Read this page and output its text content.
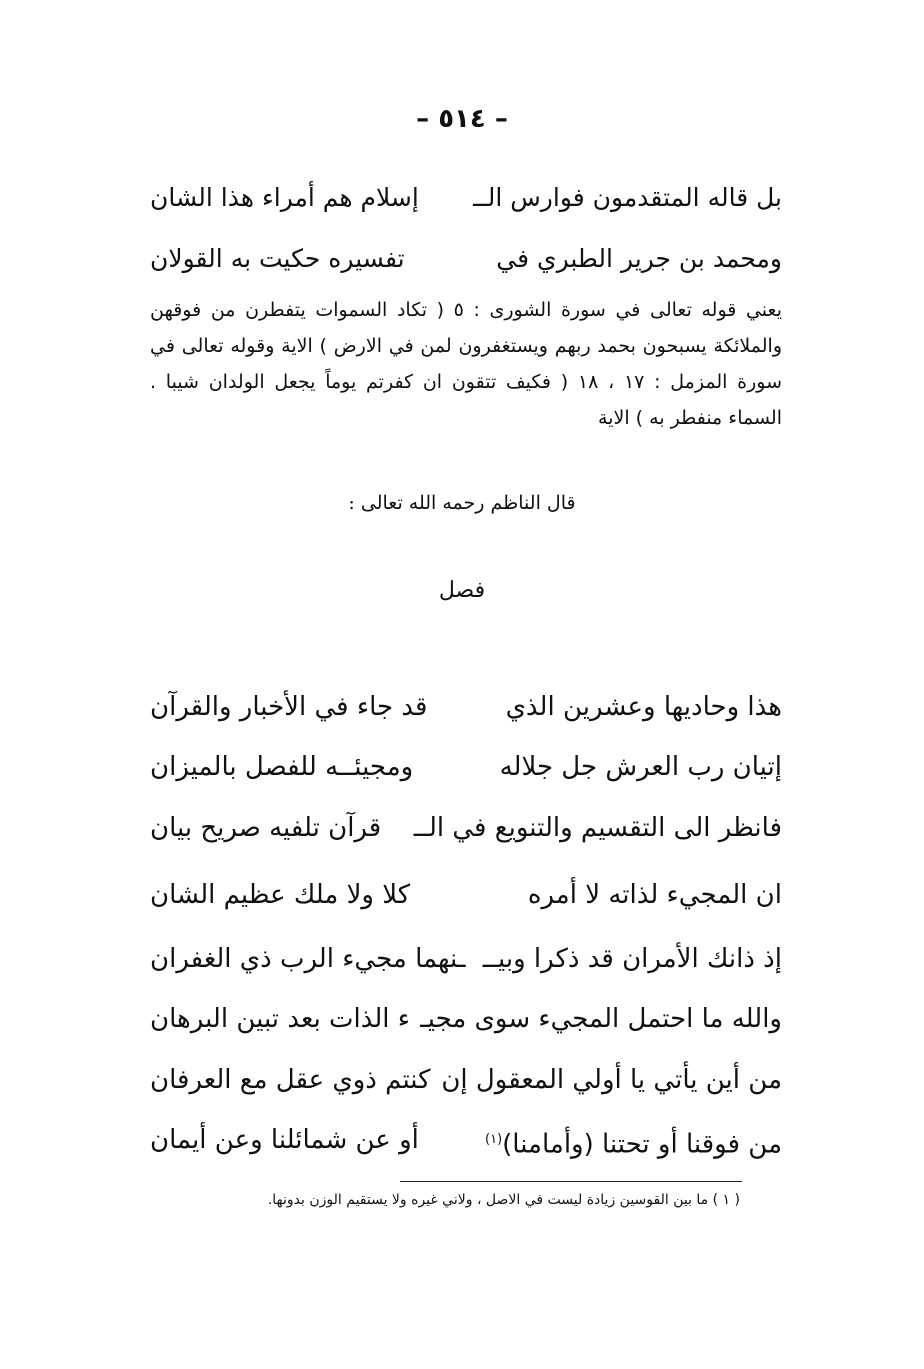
– ٥١٤ –
بل قاله المتقدمون فوارس الــ
إسلام هم أمراء هذا الشان
ومحمد بن جرير الطبري في
تفسيره حكيت به القولان

يعني قوله تعالى في سورة الشورى : ٥ ( تكاد السموات يتفطرن من فوقهن والملائكة يسبحون بحمد ربهم ويستغفرون لمن في الارض ) الاية وقوله تعالى في سورة المزمل : ١٧ ، ١٨ ( فكيف تتقون ان كفرتم يوماً يجعل الولدان شيبا . السماء منفطر به ) الاية

قال الناظم رحمه الله تعالى :
فصل
هذا وحاديها وعشرين الذي
قد جاء في الأخبار والقرآن
إتيان رب العرش جل جلاله
ومجيئــه للفصل بالميزان
فانظر الى التقسيم والتنويع في الــ
قرآن تلفيه صريح بيان
ان المجيء لذاته لا أمره
كلا ولا ملك عظيم الشان
إذ ذانك الأمران قد ذكرا وبيــ
ـنهما مجيء الرب ذي الغفران
والله ما احتمل المجيء سوى مجيـ
ء الذات بعد تبين البرهان
من أين يأتي يا أولي المعقول إن
كنتم ذوي عقل مع العرفان
من فوقنا أو تحتنا (وأمامنا)$^{(١)}$
أو عن شمائلنا وعن أيمان
( ١ ) ما بين القوسين زيادة ليست في الاصل ، ولاني غيره ولا يستقيم الوزن بدونها.
